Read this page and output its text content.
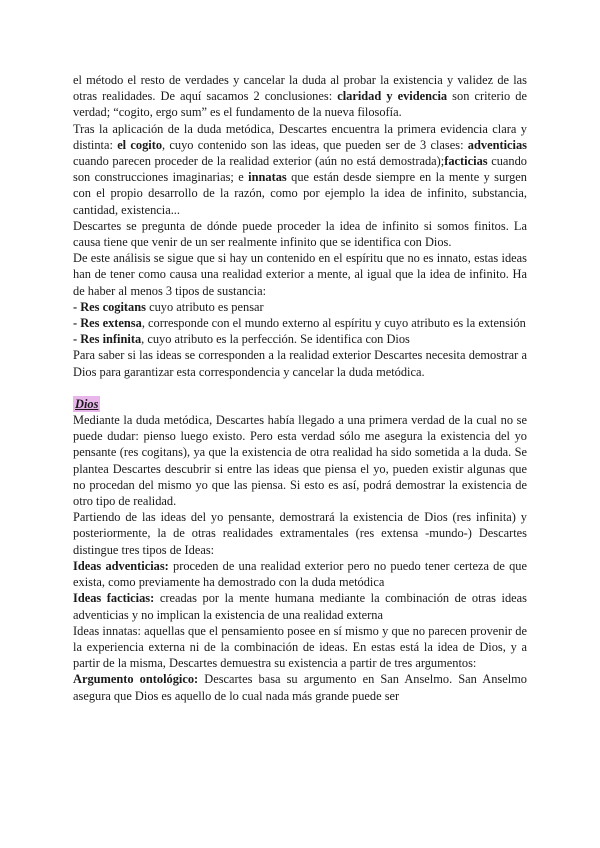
el método el resto de verdades y cancelar la duda al probar la existencia y validez de las otras realidades. De aquí sacamos 2 conclusiones: claridad y evidencia son criterio de verdad; “cogito, ergo sum” es el fundamento de la nueva filosofía.

Tras la aplicación de la duda metódica, Descartes encuentra la primera evidencia clara y distinta: el cogito, cuyo contenido son las ideas, que pueden ser de 3 clases: adventicias cuando parecen proceder de la realidad exterior (aún no está demostrada);facticias cuando son construcciones imaginarias; e innatas que están desde siempre en la mente y surgen con el propio desarrollo de la razón, como por ejemplo la idea de infinito, substancia, cantidad, existencia...

Descartes se pregunta de dónde puede proceder la idea de infinito si somos finitos. La causa tiene que venir de un ser realmente infinito que se identifica con Dios.

De este análisis se sigue que si hay un contenido en el espíritu que no es innato, estas ideas han de tener como causa una realidad exterior a mente, al igual que la idea de infinito. Ha de haber al menos 3 tipos de sustancia:

- Res cogitans cuyo atributo es pensar

- Res extensa, corresponde con el mundo externo al espíritu y cuyo atributo es la extensión

- Res infinita, cuyo atributo es la perfección. Se identifica con Dios

Para saber si las ideas se corresponden a la realidad exterior Descartes necesita demostrar a Dios para garantizar esta correspondencia y cancelar la duda metódica.

Dios

Mediante la duda metódica, Descartes había llegado a una primera verdad de la cual no se puede dudar: pienso luego existo. Pero esta verdad sólo me asegura la existencia del yo pensante (res cogitans), ya que la existencia de otra realidad ha sido sometida a la duda. Se plantea Descartes descubrir si entre las ideas que piensa el yo, pueden existir algunas que no procedan del mismo yo que las piensa. Si esto es así, podrá demostrar la existencia de otro tipo de realidad.

Partiendo de las ideas del yo pensante, demostrará la existencia de Dios (res infinita) y posteriormente, la de otras realidades extramentales (res extensa -mundo-) Descartes distingue tres tipos de Ideas:

Ideas adventicias: proceden de una realidad exterior pero no puedo tener certeza de que exista, como previamente ha demostrado con la duda metódica

Ideas facticias: creadas por la mente humana mediante la combinación de otras ideas adventicias y no implican la existencia de una realidad externa

Ideas innatas: aquellas que el pensamiento posee en sí mismo y que no parecen provenir de la experiencia externa ni de la combinación de ideas. En estas está la idea de Dios, y a partir de la misma, Descartes demuestra su existencia a partir de tres argumentos:

Argumento ontológico: Descartes basa su argumento en San Anselmo. San Anselmo asegura que Dios es aquello de lo cual nada más grande puede ser
